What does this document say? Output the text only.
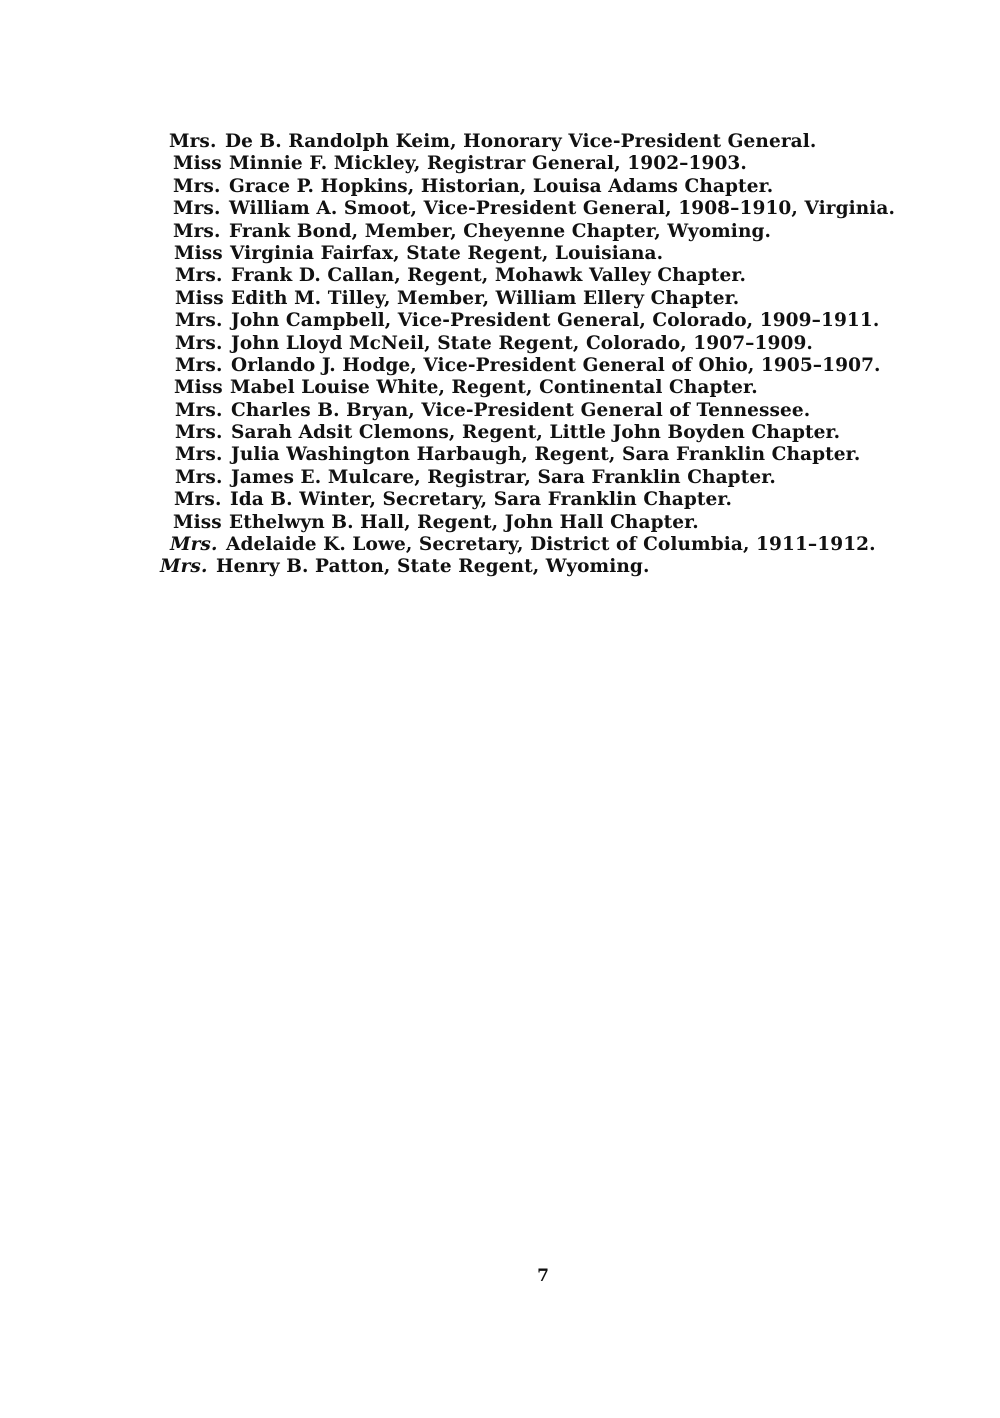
Mrs. De B. Randolph Keim, Honorary Vice-President General.
Miss Minnie F. Mickley, Registrar General, 1902–1903.
Mrs. Grace P. Hopkins, Historian, Louisa Adams Chapter.
Mrs. William A. Smoot, Vice-President General, 1908–1910, Virginia.
Mrs. Frank Bond, Member, Cheyenne Chapter, Wyoming.
Miss Virginia Fairfax, State Regent, Louisiana.
Mrs. Frank D. Callan, Regent, Mohawk Valley Chapter.
Miss Edith M. Tilley, Member, William Ellery Chapter.
Mrs. John Campbell, Vice-President General, Colorado, 1909–1911.
Mrs. John Lloyd McNeil, State Regent, Colorado, 1907–1909.
Mrs. Orlando J. Hodge, Vice-President General of Ohio, 1905–1907.
Miss Mabel Louise White, Regent, Continental Chapter.
Mrs. Charles B. Bryan, Vice-President General of Tennessee.
Mrs. Sarah Adsit Clemons, Regent, Little John Boyden Chapter.
Mrs. Julia Washington Harbaugh, Regent, Sara Franklin Chapter.
Mrs. James E. Mulcare, Registrar, Sara Franklin Chapter.
Mrs. Ida B. Winter, Secretary, Sara Franklin Chapter.
Miss Ethelwyn B. Hall, Regent, John Hall Chapter.
Mrs. Adelaide K. Lowe, Secretary, District of Columbia, 1911–1912.
Mrs. Henry B. Patton, State Regent, Wyoming.
7
